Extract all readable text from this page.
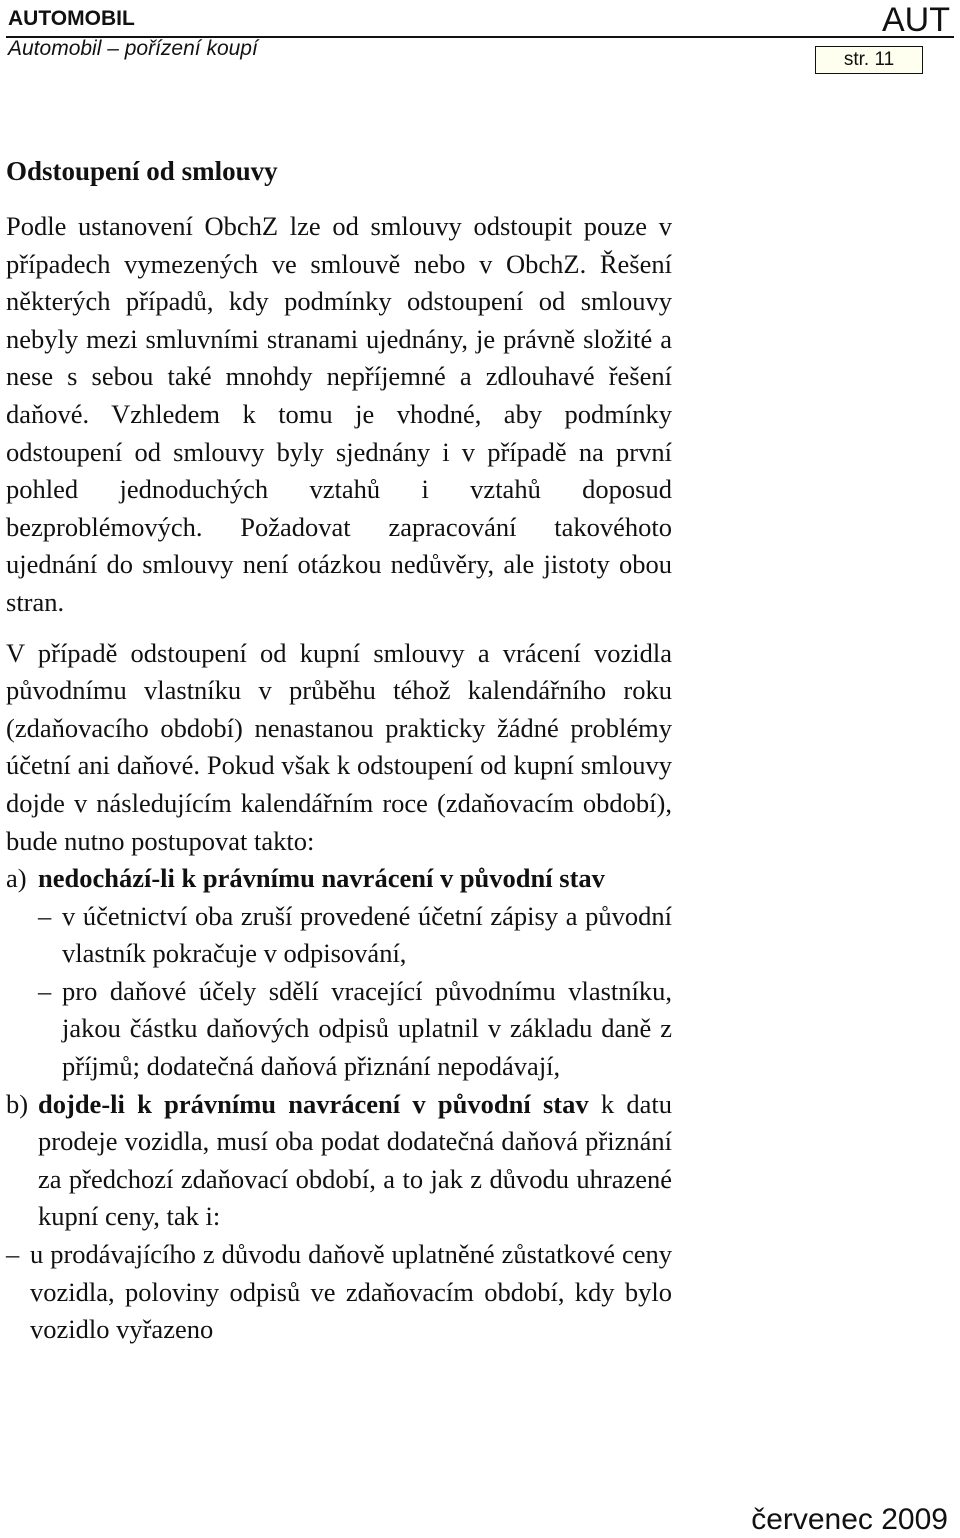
AUTOMOBIL
Automobil – pořízení koupí
AUT
str. 11
Odstoupení od smlouvy

Podle ustanovení ObchZ lze od smlouvy odstoupit pouze v případech vymezených ve smlouvě nebo v ObchZ. Řešení některých případů, kdy podmínky odstoupení od smlouvy nebyly mezi smluvními stranami ujednány, je právně složité a nese s sebou také mnohdy nepříjemné a zdlouhavé řešení daňové. Vzhledem k tomu je vhodné, aby podmínky odstoupení od smlouvy byly sjednány i v případě na první pohled jednoduchých vztahů i vztahů doposud bezproblémových. Požadovat zapracování takovéhoto ujednání do smlouvy není otázkou nedůvěry, ale jistoty obou stran.

V případě odstoupení od kupní smlouvy a vrácení vozidla původnímu vlastníku v průběhu téhož kalendářního roku (zdaňovacího období) nenastanou prakticky žádné problémy účetní ani daňové. Pokud však k odstoupení od kupní smlouvy dojde v následujícím kalendářním roce (zdaňovacím období), bude nutno postupovat takto:

a) nedochází-li k právnímu navrácení v původní stav
– v účetnictví oba zruší provedené účetní zápisy a původní vlastník pokračuje v odpisování,
– pro daňové účely sdělí vracející původnímu vlastníku, jakou částku daňových odpisů uplatnil v základu daně z příjmů; dodatečná daňová přiznání nepodávají,
b) dojde-li k právnímu navrácení v původní stav k datu prodeje vozidla, musí oba podat dodatečná daňová přiznání za předchozí zdaňovací období, a to jak z důvodu uhrazené kupní ceny, tak i:
– u prodávajícího z důvodu daňově uplatněné zůstatkové ceny vozidla, poloviny odpisů ve zdaňovacím období, kdy bylo vozidlo vyřazeno
červenec 2009
